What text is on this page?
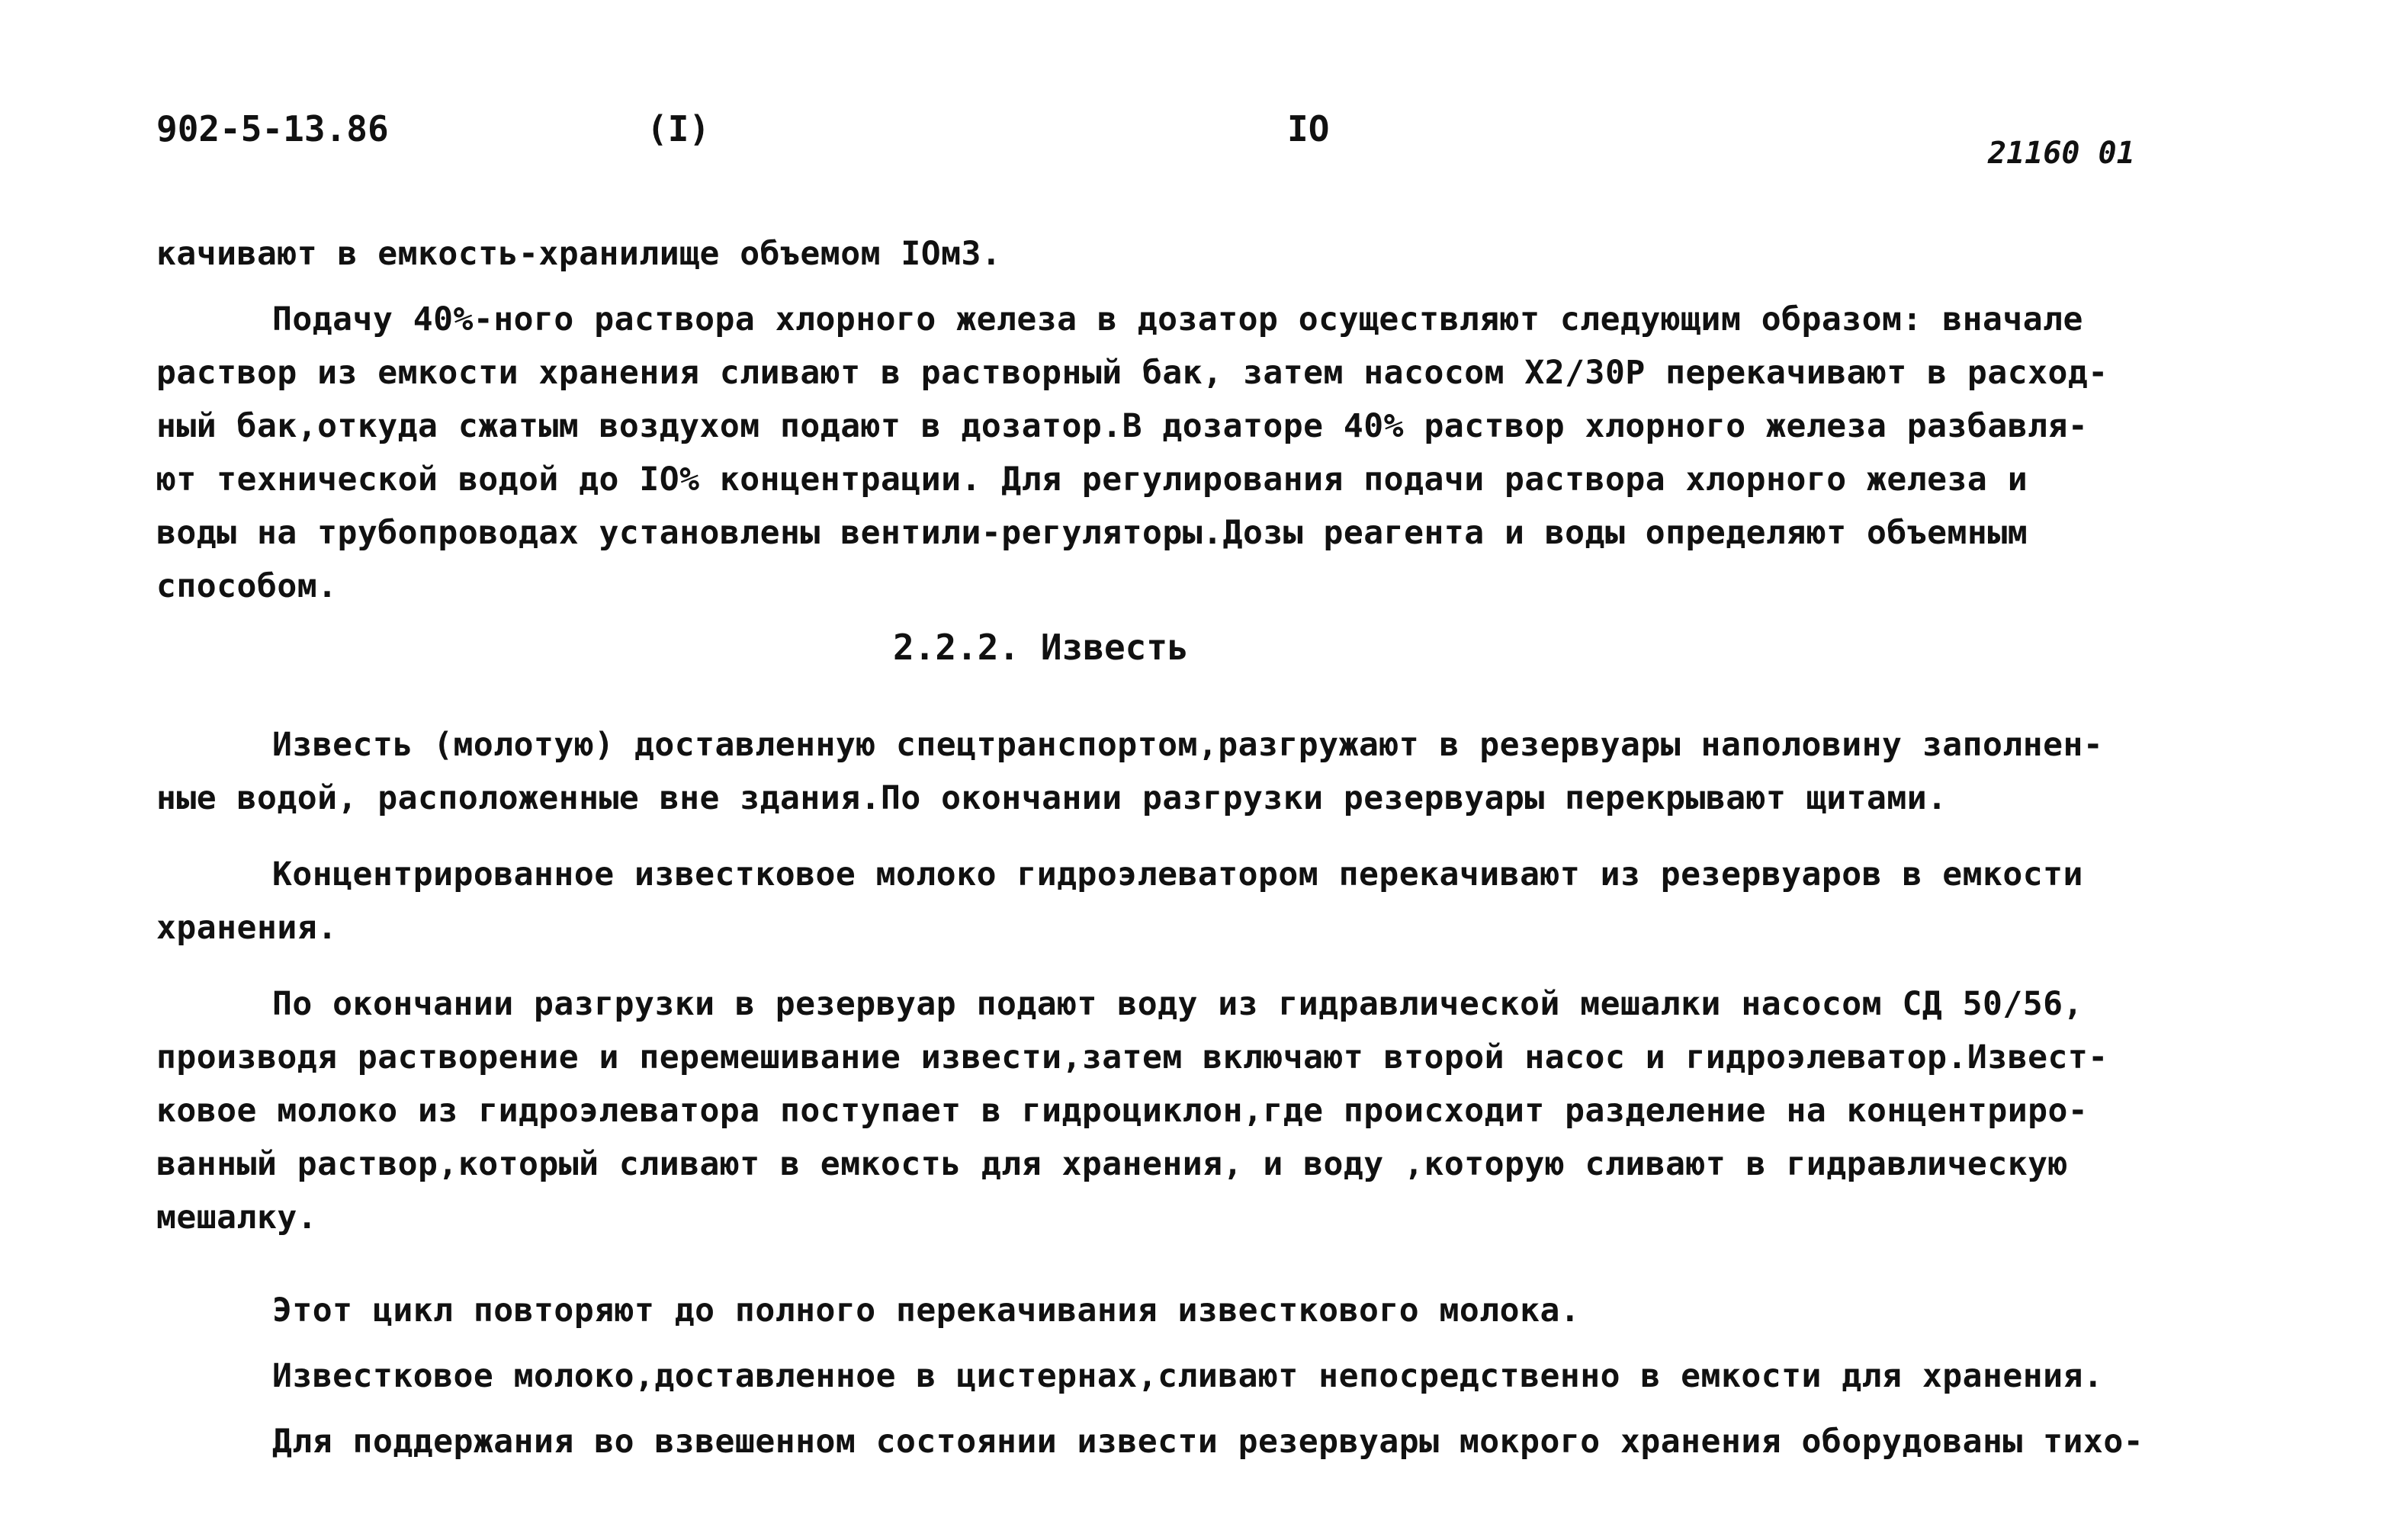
902-5-13.86	(I)	IO
21160 01
качивают в емкость-хранилище объемом IOм3.
Подачу 40%-ного раствора хлорного железа в дозатор осуществляют следующим образом: вначале
раствор из емкости хранения сливают в растворный бак, затем насосом Х2/30Р перекачивают в расход-
ный бак,откуда сжатым воздухом подают в дозатор.В дозаторе 40% раствор хлорного железа разбавля-
ют технической водой до IO% концентрации. Для регулирования подачи раствора хлорного железа и
воды на трубопроводах установлены вентили-регуляторы.Дозы реагента и воды определяют объемным
способом.
2.2.2. Известь
Известь (молотую) доставленную спецтранспортом,разгружают в резервуары наполовину заполнен-
ные водой, расположенные вне здания.По окончании разгрузки резервуары перекрывают щитами.
Концентрированное известковое молоко гидроэлеватором перекачивают из резервуаров в емкости
хранения.
По окончании разгрузки в резервуар подают воду из гидравлической мешалки насосом СД 50/56,
производя растворение и перемешивание извести,затем включают второй насос и гидроэлеватор.Извест-
ковое молоко из гидроэлеватора поступает в гидроциклон,где происходит разделение на концентриро-
ванный раствор,который сливают в емкость для хранения, и воду ,которую сливают в гидравлическую
мешалку.
Этот цикл повторяют до полного перекачивания известкового молока.
Известковое молоко,доставленное в цистернах,сливают непосредственно в емкости для хранения.
Для поддержания во взвешенном состоянии извести резервуары мокрого хранения оборудованы тихо-
